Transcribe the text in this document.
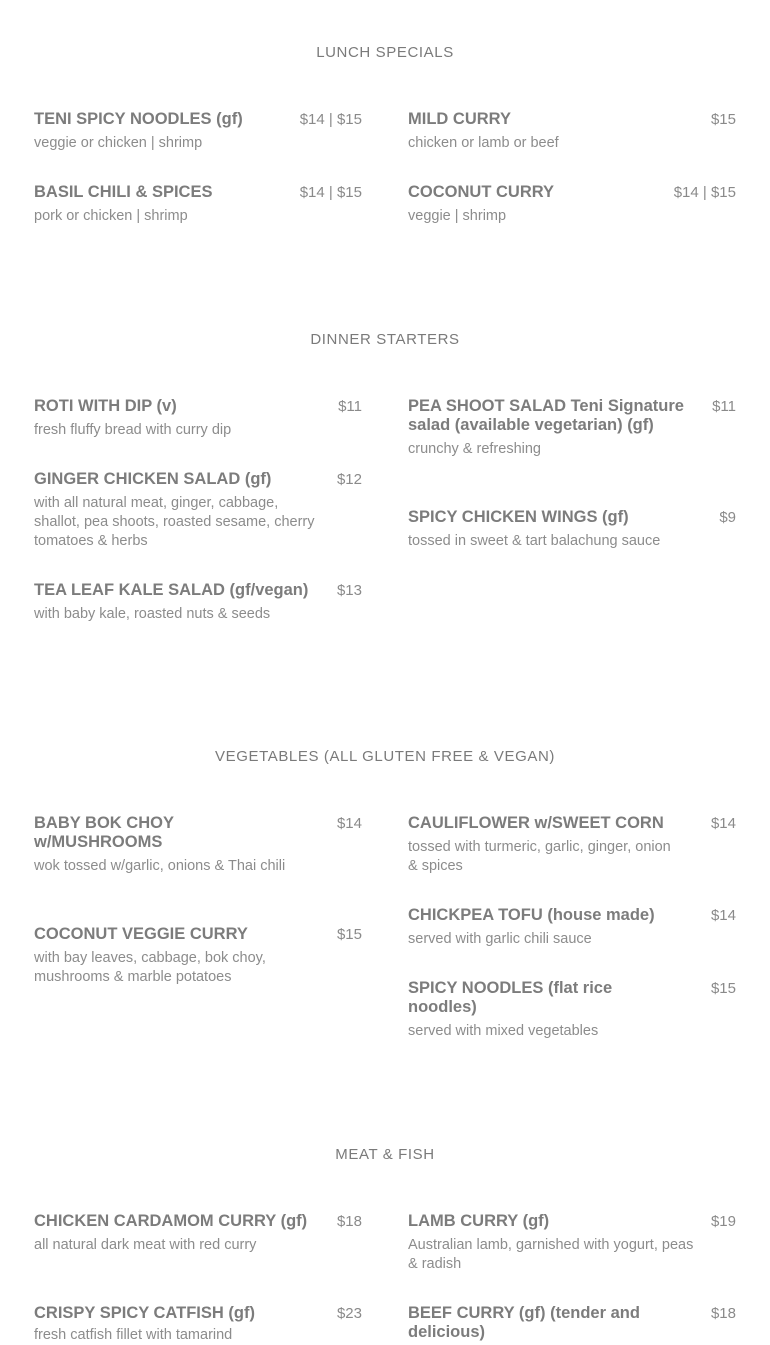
LUNCH SPECIALS
TENI SPICY NOODLES (gf)	$14 | $15
veggie or chicken | shrimp
BASIL CHILI & SPICES	$14 | $15
pork or chicken | shrimp
MILD CURRY	$15
chicken or lamb or beef
COCONUT CURRY	$14 | $15
veggie | shrimp
DINNER STARTERS
ROTI WITH DIP (v)	$11
fresh fluffy bread with curry dip
GINGER CHICKEN SALAD (gf)	$12
with all natural meat, ginger, cabbage, shallot, pea shoots, roasted sesame, cherry tomatoes & herbs
TEA LEAF KALE SALAD (gf/vegan)	$13
with baby kale, roasted nuts & seeds
PEA SHOOT SALAD Teni Signature salad (available vegetarian) (gf)
$11
crunchy & refreshing
SPICY CHICKEN WINGS (gf)	$9
tossed in sweet & tart balachung sauce
VEGETABLES (ALL GLUTEN FREE & VEGAN)
BABY BOK CHOY w/MUSHROOMS
$14
wok tossed w/garlic, onions & Thai chili
COCONUT VEGGIE CURRY	$15
with bay leaves, cabbage, bok choy, mushrooms & marble potatoes
CAULIFLOWER w/SWEET CORN	$14
tossed with turmeric, garlic, ginger, onion & spices
CHICKPEA TOFU (house made)	$14
served with garlic chili sauce
SPICY NOODLES (flat rice noodles)
$15
served with mixed vegetables
MEAT & FISH
CHICKEN CARDAMOM CURRY (gf)	$18
all natural dark meat with red curry
CRISPY SPICY CATFISH (gf)	$23
fresh catfish fillet with tamarind
LAMB CURRY (gf)	$19
Australian lamb, garnished with yogurt, peas & radish
BEEF CURRY (gf) (tender and delicious)
$18
